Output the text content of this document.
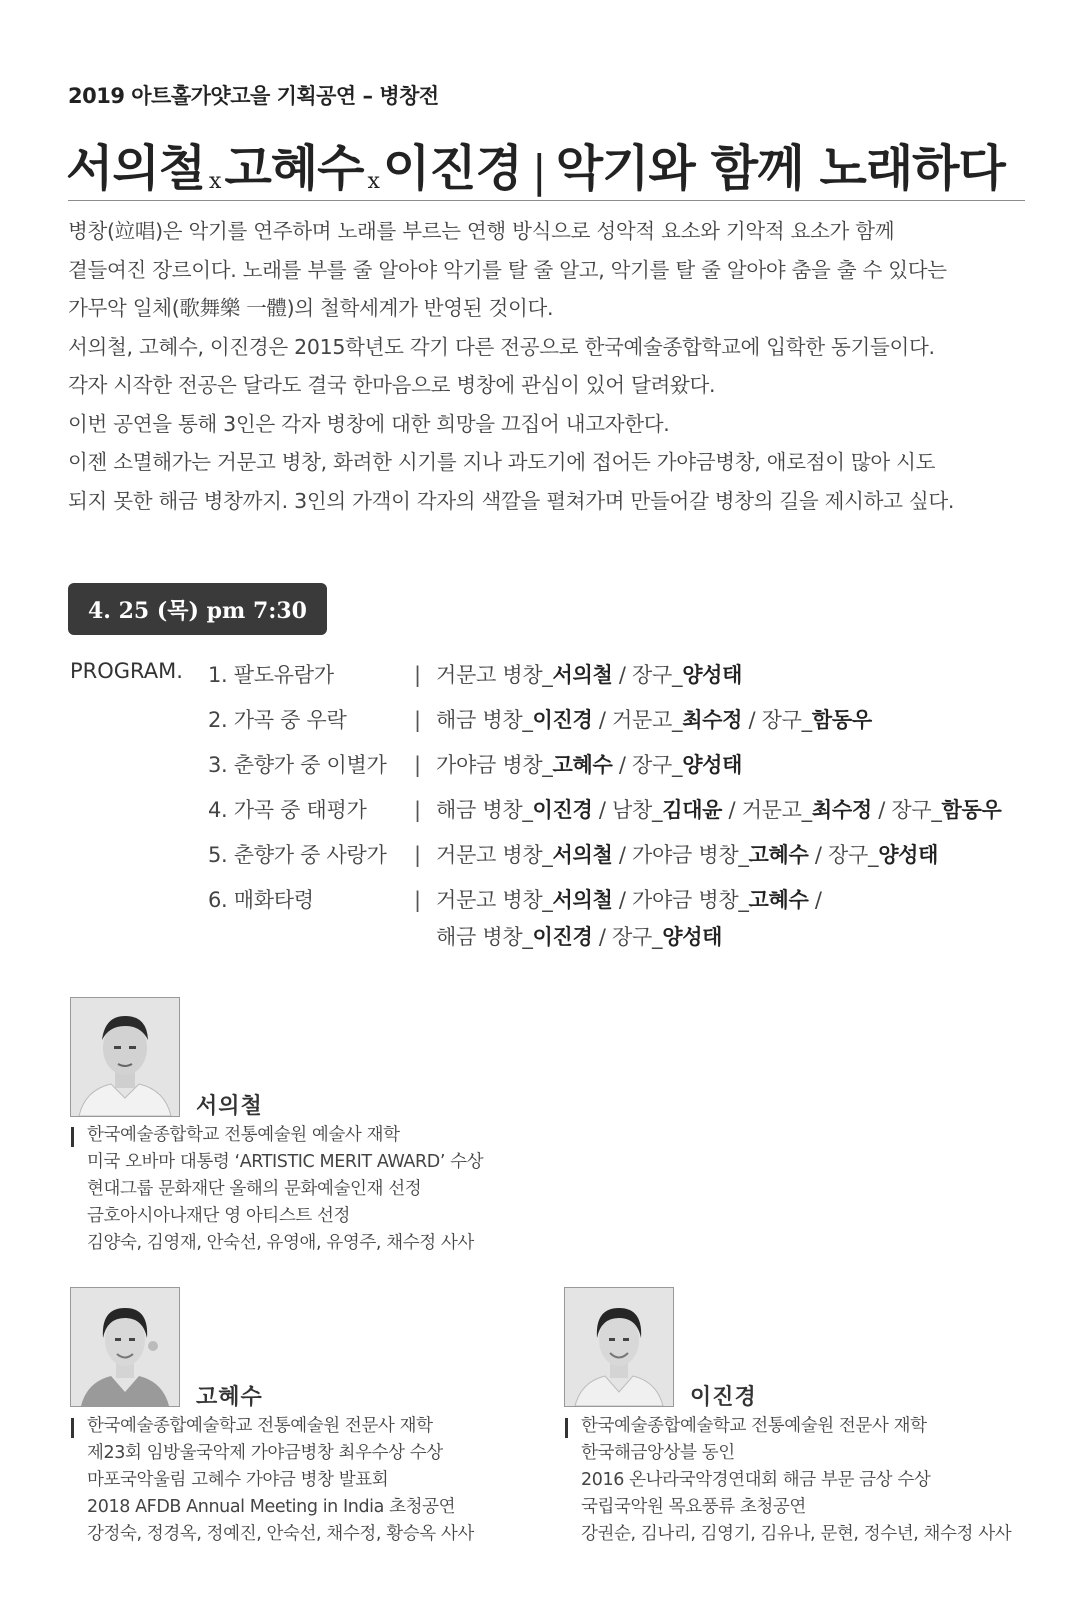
2019 아트홀가얏고을 기획공연 – 병창전
서의철 x 고혜수 x 이진경 | 악기와 함께 노래하다
병창(竝唱)은 악기를 연주하며 노래를 부르는 연행 방식으로 성악적 요소와 기악적 요소가 함께
곁들여진 장르이다. 노래를 부를 줄 알아야 악기를 탈 줄 알고, 악기를 탈 줄 알아야 춤을 출 수 있다는
가무악 일체(歌舞樂 一體)의 철학세계가 반영된 것이다.
서의철, 고혜수, 이진경은 2015학년도 각기 다른 전공으로 한국예술종합학교에 입학한 동기들이다.
각자 시작한 전공은 달라도 결국 한마음으로 병창에 관심이 있어 달려왔다.
이번 공연을 통해 3인은 각자 병창에 대한 희망을 끄집어 내고자한다.
이젠 소멸해가는 거문고 병창, 화려한 시기를 지나 과도기에 접어든 가야금병창, 애로점이 많아 시도
되지 못한 해금 병창까지. 3인의 가객이 각자의 색깔을 펼쳐가며 만들어갈 병창의 길을 제시하고 싶다.
4. 25 (목) pm 7:30
PROGRAM. 1. 팔도유람가	| 거문고 병창_서의철 / 장구_양성태
2. 가곡 중 우락	| 해금 병창_이진경 / 거문고_최수정 / 장구_함동우
3. 춘향가 중 이별가 | 가야금 병창_고혜수 / 장구_양성태
4. 가곡 중 태평가 | 해금 병창_이진경 / 남창_김대윤 / 거문고_최수정 / 장구_함동우
5. 춘향가 중 사랑가 | 거문고 병창_서의철 / 가야금 병창_고혜수 / 장구_양성태
6. 매화타령	| 거문고 병창_서의철 / 가야금 병창_고혜수 /
해금 병창_이진경 / 장구_양성태
서의철
한국예술종합학교 전통예술원 예술사 재학
미국 오바마 대통령 ‘ARTISTIC MERIT AWARD’ 수상
현대그룹 문화재단 올해의 문화예술인재 선정
금호아시아나재단 영 아티스트 선정
김양숙, 김영재, 안숙선, 유영애, 유영주, 채수정 사사
고혜수
한국예술종합예술학교 전통예술원 전문사 재학
제23회 임방울국악제 가야금병창 최우수상 수상
마포국악울림 고혜수 가야금 병창 발표회
2018 AFDB Annual Meeting in India 초청공연
강정숙, 정경옥, 정예진, 안숙선, 채수정, 황승옥 사사
이진경
한국예술종합예술학교 전통예술원 전문사 재학
한국해금앙상블 동인
2016 온나라국악경연대회 해금 부문 금상 수상
국립국악원 목요풍류 초청공연
강권순, 김나리, 김영기, 김유나, 문현, 정수년, 채수정 사사
